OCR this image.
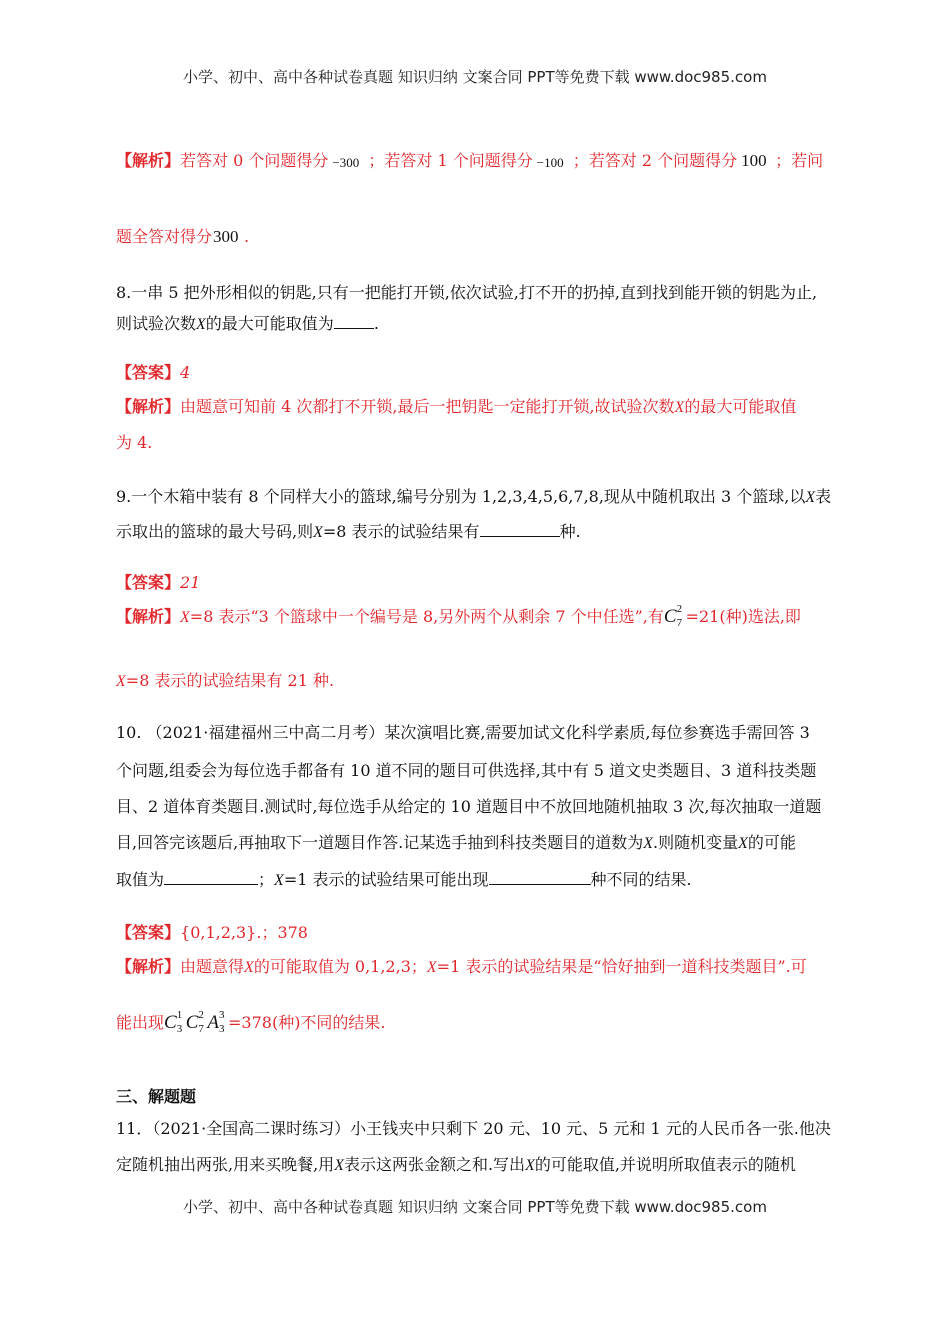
小学、初中、高中各种试卷真题 知识归纳 文案合同 PPT等免费下载 www.doc985.com
【解析】若答对 0 个问题得分 −300 ；若答对 1 个问题得分 −100 ；若答对 2 个问题得分 100 ；若问
题全答对得分 300 .
8.一串 5 把外形相似的钥匙,只有一把能打开锁,依次试验,打不开的扔掉,直到找到能开锁的钥匙为止,
则试验次数X的最大可能取值为	.
【答案】4
【解析】由题意可知前 4 次都打不开锁,最后一把钥匙一定能打开锁,故试验次数X的最大可能取值
为 4.
9.一个木箱中装有 8 个同样大小的篮球,编号分别为 1,2,3,4,5,6,7,8,现从中随机取出 3 个篮球,以X表
示取出的篮球的最大号码,则X=8 表示的试验结果有	种.
【答案】21
【解析】X=8 表示“3 个篮球中一个编号是 8,另外两个从剩余 7 个中任选”,有C 2
7 =21(种)选法,即
X=8 表示的试验结果有 21 种.
10. （2021·福建福州三中高二月考）某次演唱比赛,需要加试文化科学素质,每位参赛选手需回答 3
个问题,组委会为每位选手都备有 10 道不同的题目可供选择,其中有 5 道文史类题目、3 道科技类题
目、2 道体育类题目.测试时,每位选手从给定的 10 道题目中不放回地随机抽取 3 次,每次抽取一道题
目,回答完该题后,再抽取下一道题目作答.记某选手抽到科技类题目的道数为X.则随机变量X的可能
取值为	；X=1 表示的试验结果可能出现	种不同的结果.
【答案】{0,1,2,3}.；378
【解析】由题意得X的可能取值为 0,1,2,3；X=1 表示的试验结果是“恰好抽到一道科技类题目”.可
能出现C 1
3 C 2
7 A 3
3 =378(种)不同的结果.
三、解题题
11．（2021·全国高二课时练习）小王钱夹中只剩下 20 元、10 元、5 元和 1 元的人民币各一张.他决
定随机抽出两张,用来买晚餐,用X表示这两张金额之和.写出X的可能取值,并说明所取值表示的随机
小学、初中、高中各种试卷真题 知识归纳 文案合同 PPT等免费下载 www.doc985.com
